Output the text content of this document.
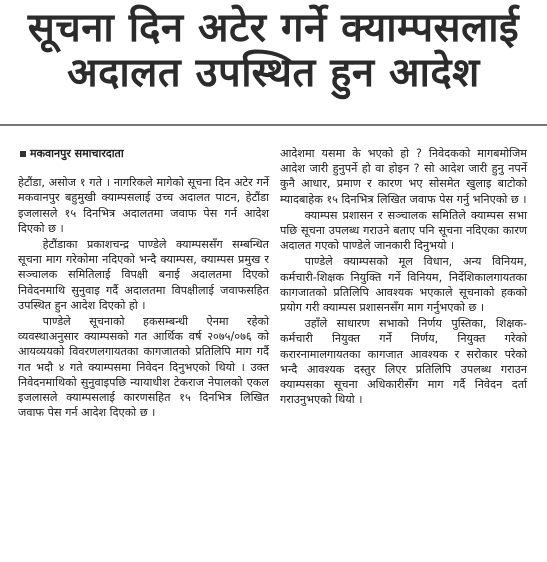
सूचना दिन अटेर गर्ने क्याम्पसलाई
अदालत उपस्थित हुन आदेश
मकवानपुर समाचारदाता

हेटौंडा, असोज १ गते । नागरिकले मागेको सूचना दिन अटेर गर्ने मकवानपुर बहुमुखी क्याम्पसलाई उच्च अदालत पाटन, हेटौंडा इजलासले १५ दिनभित्र अदालतमा जवाफ पेस गर्न आदेश दिएको छ ।

हेटौंडाका प्रकाशचन्द्र पाण्डेले क्याम्पससँग सम्बन्धित सूचना माग गरेकोमा नदिएको भन्दै क्याम्पस, क्याम्पस प्रमुख र सञ्चालक समितिलाई विपक्षी बनाई अदालतमा दिएको निवेदनमाथि सुनुवाइ गर्दै अदालतमा विपक्षीलाई जवाफसहित उपस्थित हुन आदेश दिएको हो ।

पाण्डेले सूचनाको हकसम्बन्धी ऐनमा रहेको व्यवस्थाअनुसार क्याम्पसको गत आर्थिक वर्ष २०७५/०७६ को आयव्ययको विवरणलगायतका कागजातको प्रतिलिपि माग गर्दै गत भदौ ४ गते क्याम्पसमा निवेदन दिनुभएको थियो । उक्त निवेदनमाथिको सुनुवाइपछि न्यायाधीश टेकराज नेपालको एकल इजलासले क्याम्पसलाई कारणसहित १५ दिनभित्र लिखित जवाफ पेस गर्न आदेश दिएको छ ।

आदेशमा यसमा के भएको हो ? निवेदकको मागबमोजिम आदेश जारी हुनुपर्ने हो वा होइन ? सो आदेश जारी हुनु नपर्ने कुनै आधार, प्रमाण र कारण भए सोसमेत खुलाइ बाटोको म्यादबाहेक १५ दिनभित्र लिखित जवाफ पेस गर्नु भनिएको छ ।

क्याम्पस प्रशासन र सञ्चालक समितिले क्याम्पस सभा पछि सूचना उपलब्ध गराउने बताए पनि सूचना नदिएका कारण अदालत गएको पाण्डेले जानकारी दिनुभयो ।

पाण्डेले क्याम्पसको मूल विधान, अन्य विनियम, कर्मचारी-शिक्षक नियुक्ति गर्ने विनियम, निर्देशिकालगायतका कागजातको प्रतिलिपि आवश्यक भएकाले सूचनाको हकको प्रयोग गरी क्याम्पस प्रशासनसँग माग गर्नुभएको छ ।

उहाँले साधारण सभाको निर्णय पुस्तिका, शिक्षक-कर्मचारी नियुक्त गर्ने निर्णय, नियुक्त गरेको करारनामालगायतका कागजात आवश्यक र सरोकार परेको भन्दै आवश्यक दस्तुर लिएर प्रतिलिपि उपलब्ध गराउन क्याम्पसका सूचना अधिकारीसँग माग गर्दै निवेदन दर्ता गराउनुभएको थियो ।
